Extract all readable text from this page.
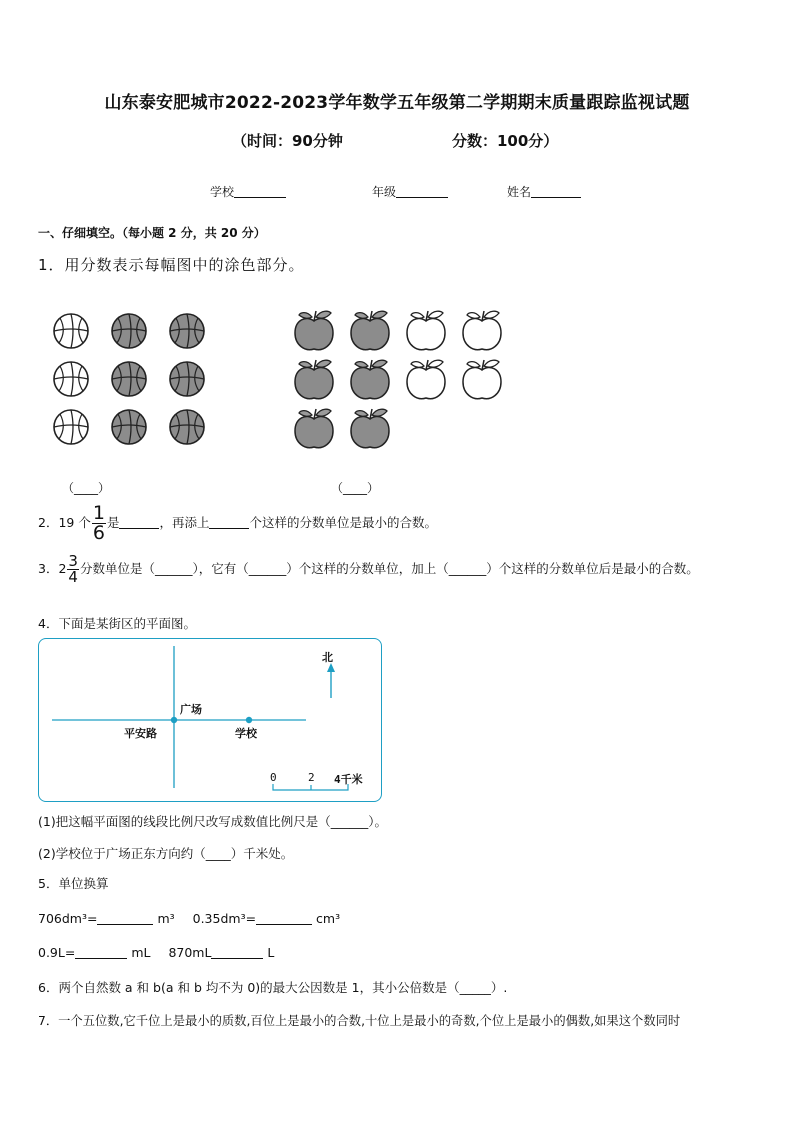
山东泰安肥城市2022-2023学年数学五年级第二学期期末质量跟踪监视试题
（时间：90分钟	分数：100分）
学校	年级	姓名
一、仔细填空。（每小题 2 分，共 20 分）
1．用分数表示每幅图中的涂色部分。
（____）	（____）
2．19 个 $\frac{1}{6}$ 是	，再添上	个这样的分数单位是最小的合数。
3．$2 \frac{3}{4}$ 分数单位是（______），它有（______）个这样的分数单位，加上（______）个这样的分数单位后是最小的合数。
4．下面是某街区的平面图。
北
广场
平安路	学校
0	2 4千米
(1)把这幅平面图的线段比例尺改写成数值比例尺是（______）。
(2)学校位于广场正东方向约（____）千米处。
5．单位换算
706dm³=	m³ 0.35dm³=	cm³
0.9L=	mL 870mL	L
6．两个自然数 a 和 b(a 和 b 均不为 0)的最大公因数是 1，其小公倍数是（_____）.
7．一个五位数,它千位上是最小的质数,百位上是最小的合数,十位上是最小的奇数,个位上是最小的偶数,如果这个数同时
